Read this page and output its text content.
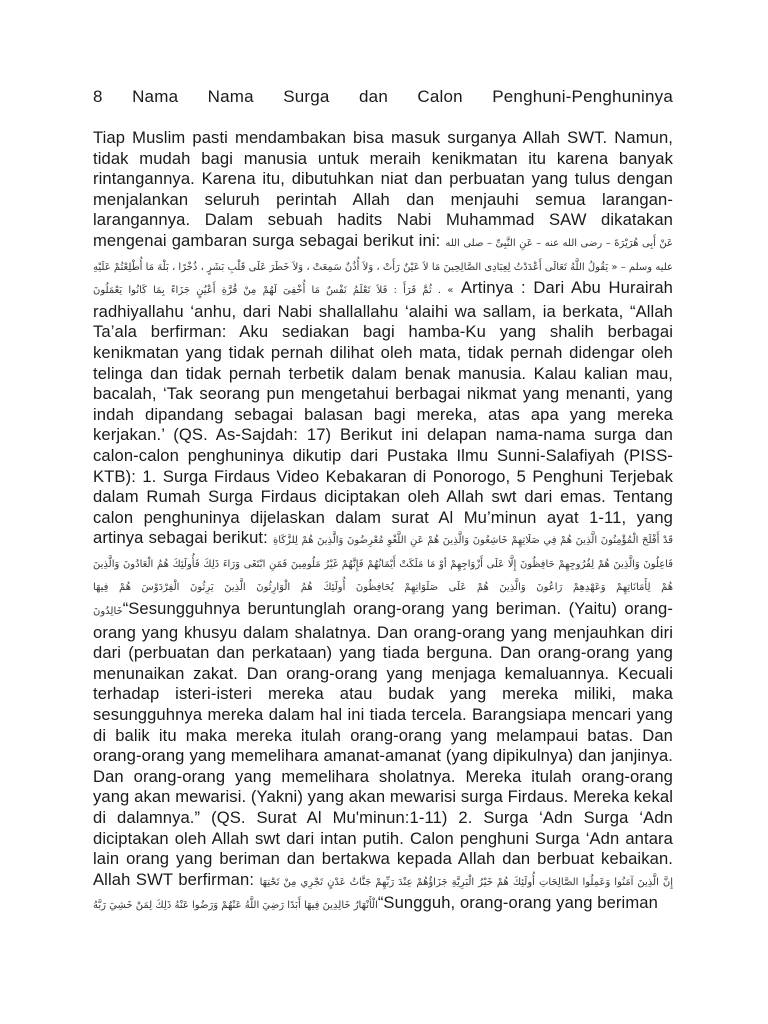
8 Nama Nama Surga dan Calon Penghuni-Penghuninya

Tiap Muslim pasti mendambakan bisa masuk surganya Allah SWT. Namun, tidak mudah bagi manusia untuk meraih kenikmatan itu karena banyak rintangannya. Karena itu, dibutuhkan niat dan perbuatan yang tulus dengan menjalankan seluruh perintah Allah dan menjauhi semua larangan-larangannya. Dalam sebuah hadits Nabi Muhammad SAW dikatakan mengenai gambaran surga sebagai berikut ini: عَنْ أَبِى هُرَيْرَةَ – رضى الله عنه – عَنِ النَّبِىِّ – صلى الله عليه وسلم – « يَقُولُ اللَّهُ تَعَالَى أَعْدَدْتُ لِعِبَادِى الصَّالِحِينَ مَا لاَ عَيْنٌ رَأَتْ ، وَلاَ أُذُنٌ سَمِعَتْ ، وَلاَ خَطَرَ عَلَى قَلْبِ بَشَرٍ ، ذُخْرًا ، بَلْهَ مَا أُطْلِعْتُمْ عَلَيْهِ » . ثُمَّ قَرَأَ : فَلاَ تَعْلَمُ نَفْسٌ مَا أُخْفِىَ لَهُمْ مِنْ قُرَّةِ أَعْيُنٍ جَزَاءً بِمَا كَانُوا يَعْمَلُونَ Artinya : Dari Abu Hurairah radhiyallahu ‘anhu, dari Nabi shallallahu ‘alaihi wa sallam, ia berkata, “Allah Ta’ala berfirman: Aku sediakan bagi hamba-Ku yang shalih berbagai kenikmatan yang tidak pernah dilihat oleh mata, tidak pernah didengar oleh telinga dan tidak pernah terbetik dalam benak manusia. Kalau kalian mau, bacalah, ‘Tak seorang pun mengetahui berbagai nikmat yang menanti, yang indah dipandang sebagai balasan bagi mereka, atas apa yang mereka kerjakan.’ (QS. As-Sajdah: 17) Berikut ini delapan nama-nama surga dan calon-calon penghuninya dikutip dari Pustaka Ilmu Sunni-Salafiyah (PISS-KTB): 1. Surga Firdaus Video Kebakaran di Ponorogo, 5 Penghuni Terjebak dalam Rumah Surga Firdaus diciptakan oleh Allah swt dari emas. Tentang calon penghuninya dijelaskan dalam surat Al Mu’minun ayat 1-11, yang artinya sebagai berikut: قَدْ أَفْلَحَ الْمُؤْمِنُونَ الَّذِينَ هُمْ فِي صَلَاتِهِمْ خَاشِعُونَ وَالَّذِينَ هُمْ عَنِ اللَّغْوِ مُعْرِضُونَ وَالَّذِينَ هُمْ لِلزَّكَاةِ فَاعِلُونَ وَالَّذِينَ هُمْ لِفُرُوجِهِمْ حَافِظُونَ إِلَّا عَلَى أَزْوَاجِهِمْ أوْ مَا مَلَكَتْ أَيْمَانُهُمْ فَإِنَّهُمْ غَيْرُ مَلُومِينَ فَمَنِ ابْتَغَى وَرَاءَ ذَلِكَ فَأُولَئِكَ هُمُ الْعَادُونَ وَالَّذِينَ هُمْ لِأَمَانَاتِهِمْ وَعَهْدِهِمْ رَاعُونَ وَالَّذِينَ هُمْ عَلَى صَلَوَاتِهِمْ يُحَافِظُونَ أُولَئِكَ هُمُ الْوَارِثُونَ الَّذِينَ يَرِثُونَ الْفِرْدَوْسَ هُمْ فِيهَا خَالِدُونَ“Sesungguhnya beruntunglah orang-orang yang beriman. (Yaitu) orang-orang yang khusyu dalam shalatnya. Dan orang-orang yang menjauhkan diri dari (perbuatan dan perkataan) yang tiada berguna. Dan orang-orang yang menunaikan zakat. Dan orang-orang yang menjaga kemaluannya. Kecuali terhadap isteri-isteri mereka atau budak yang mereka miliki, maka sesungguhnya mereka dalam hal ini tiada tercela. Barangsiapa mencari yang di balik itu maka mereka itulah orang-orang yang melampaui batas. Dan orang-orang yang memelihara amanat-amanat (yang dipikulnya) dan janjinya. Dan orang-orang yang memelihara sholatnya. Mereka itulah orang-orang yang akan mewarisi. (Yakni) yang akan mewarisi surga Firdaus. Mereka kekal di dalamnya.” (QS. Surat Al Mu'minun:1-11) 2. Surga ‘Adn Surga ‘Adn diciptakan oleh Allah swt dari intan putih. Calon penghuni Surga ‘Adn antara lain orang yang beriman dan bertakwa kepada Allah dan berbuat kebaikan. Allah SWT berfirman: إِنَّ الَّذِينَ آمَنُوا وَعَمِلُوا الصَّالِحَاتِ أُولَئِكَ هُمْ خَيْرُ الْبَرِيَّةِ جَزَاؤُهُمْ عِنْدَ رَبِّهِمْ جَنَّاتُ عَدْنٍ تَجْرِي مِنْ تَحْتِهَا الْأَنْهَارُ خَالِدِينَ فِيهَا أَبَدًا رَضِيَ اللَّهُ عَنْهُمْ وَرَضُوا عَنْهُ ذَلِكَ لِمَنْ خَشِيَ رَبَّهُ“Sungguh, orang-orang yang beriman
